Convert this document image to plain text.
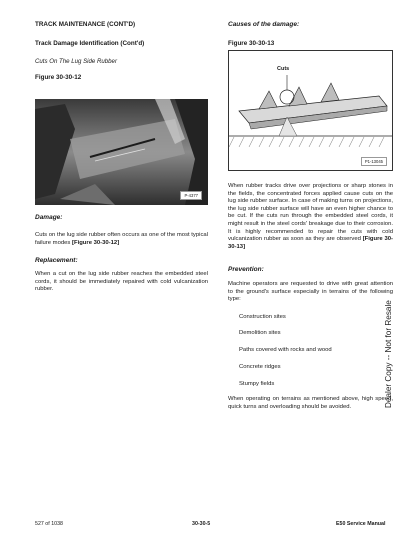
TRACK MAINTENANCE (CONT'D)
Track Damage Identification (Cont'd)
Cuts On The Lug Side Rubber
Figure 30-30-12
P-4377
Damage:

Cuts on the lug side rubber often occurs as one of the most typical failure modes [Figure 30-30-12]

Replacement:

When a cut on the lug side rubber reaches the embedded steel cords, it should be immediately repaired with cold vulcanization rubber.

Causes of the damage:
Figure 30-30-13
Cuts
P1-13045

When rubber tracks drive over projections or sharp stones in the fields, the concentrated forces applied cause cuts on the lug side rubber surface. In case of making turns on projections, the lug side rubber surface will have an even higher chance to be cut. If the cuts run through the embedded steel cords, it might result in the steel cords' breakage due to their corrosion. It is highly recommended to repair the cuts with cold vulcanization rubber as soon as they are observed [Figure 30-30-13]

Prevention:

Machine operators are requested to drive with great attention to the ground's surface especially in terrains of the following type:

Construction sites
Demolition sites
Paths covered with rocks and wood
Concrete ridges
Stumpy fields

When operating on terrains as mentioned above, high speed, quick turns and overloading should be avoided.	Dealer Copy -- Not for Resale
527 of 1038	30-30-5	E50 Service Manual
